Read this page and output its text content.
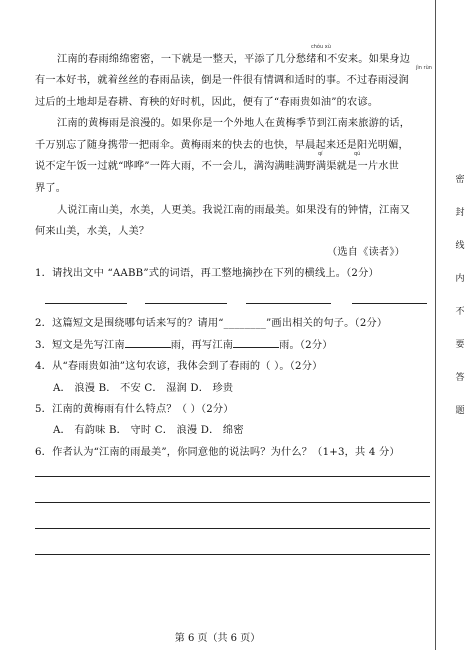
chóu xù
江南的春雨绵绵密密，一下就是一整天，平添了几分愁绪和不安来。如果身边
jìn rùn
有一本好书，就着丝丝的春雨品读，倒是一件很有情调和适时的事。不过春雨浸润
过后的土地却是春耕、育秧的好时机，因此，便有了“春雨贵如油”的农谚。
江南的黄梅雨是浪漫的。如果你是一个外地人在黄梅季节到江南来旅游的话，
千万别忘了随身携带一把雨伞。黄梅雨来的快去的也快，早晨起来还是阳光明媚，
qí	qú
说不定午饭一过就“哗哗”一阵大雨，不一会儿，满沟满畦满野满渠就是一片水世
界了。
人说江南山美，水美，人更美。我说江南的雨最美。如果没有的钟情，江南又
何来山美，水美，人美？
（选自《读者》）
1．请找出文中 “AABB”式的词语，再工整地摘抄在下列的横线上。（2分）
2．这篇短文是围绕哪句话来写的？请用“________”画出相关的句子。（2分）
3．短文是先写江南	雨，再写江南	雨。（2分）
4．从“春雨贵如油”这句农谚，我体会到了春雨的（ ）。（2分）
A． 浪漫 B． 不安 C． 湿润 D． 珍贵
5．江南的黄梅雨有什么特点？（ ）（2分）
A． 有韵味 B． 守时 C． 浪漫 D． 绵密
6．作者认为“江南的雨最美”，你同意他的说法吗？为什么？（1+3，共 4 分）
密
封
线
内
不
要
答
题
第 6 页（共 6 页）
